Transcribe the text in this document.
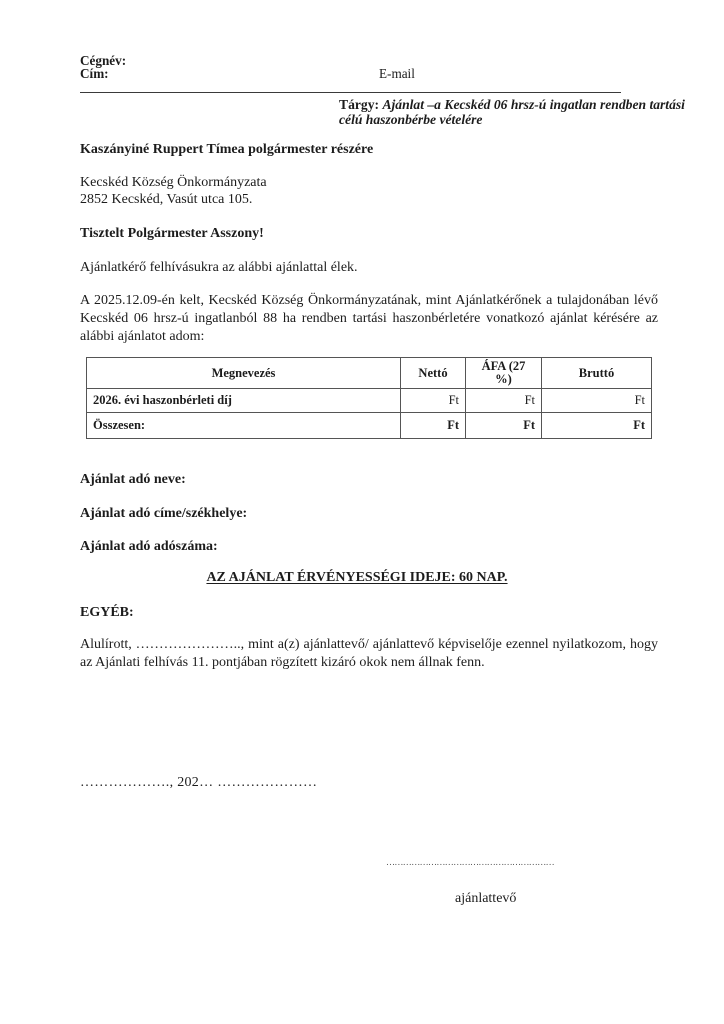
Cégnév:
Cím:	E-mail
Tárgy: Ajánlat –a Kecskéd 06 hrsz-ú ingatlan rendben tartási
célú haszonbérbe vételére
Kaszányiné Ruppert Tímea polgármester részére
Kecskéd Község Önkormányzata
2852 Kecskéd, Vasút utca 105.
Tisztelt Polgármester Asszony!
Ajánlatkérő felhívásukra az alábbi ajánlattal élek.
A 2025.12.09-én kelt, Kecskéd Község Önkormányzatának, mint Ajánlatkérőnek a tulajdonában lévő Kecskéd 06 hrsz-ú ingatlanból 88 ha rendben tartási haszonbérletére vonatkozó ajánlat kérésére az alábbi ajánlatot adom:
Megnevezés	Nettó	ÁFA (27 %)	Bruttó
2026. évi haszonbérleti díj	Ft	Ft	Ft
Összesen:	Ft	Ft	Ft
Ajánlat adó neve:
Ajánlat adó címe/székhelye:
Ajánlat adó adószáma:
AZ AJÁNLAT ÉRVÉNYESSÉGI IDEJE: 60 NAP.
EGYÉB:
Alulírott, ………………….., mint a(z) ajánlattevő/ ajánlattevő képviselője ezennel nyilatkozom, hogy az Ajánlati felhívás 11. pontjában rögzített kizáró okok nem állnak fenn.
………………., 202… …………………
……………………………………………………
ajánlattevő
